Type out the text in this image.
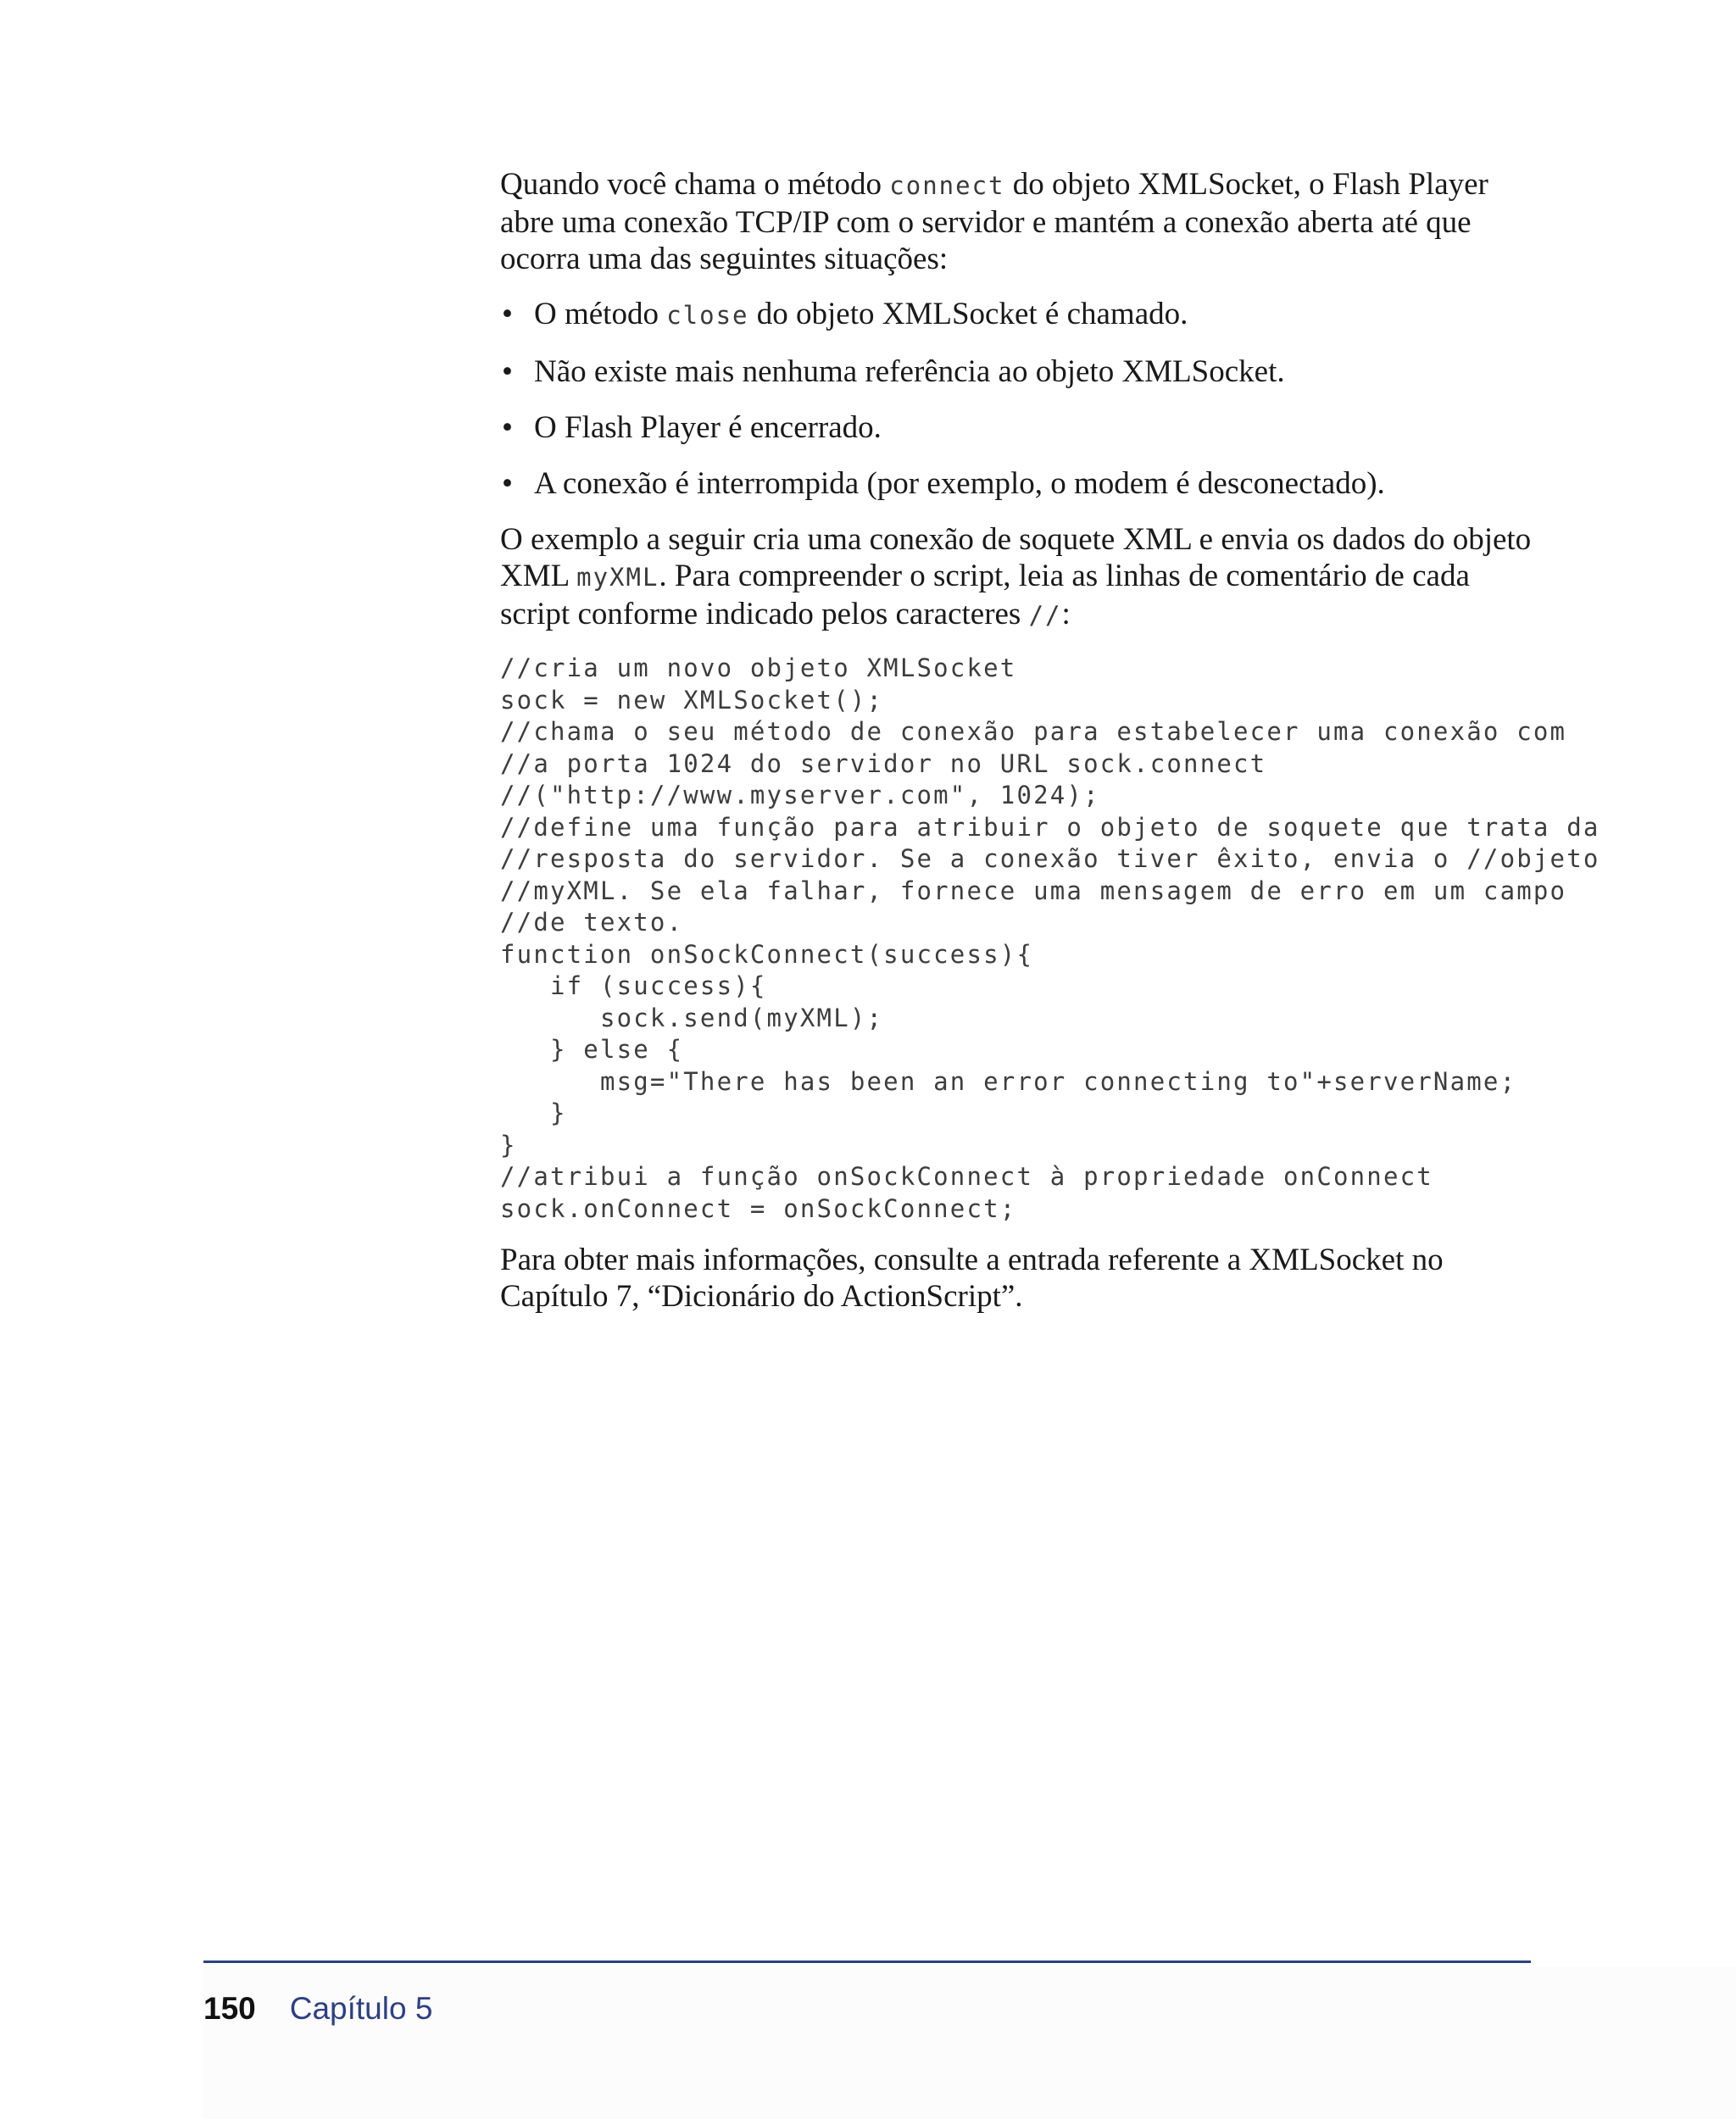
Quando você chama o método connect do objeto XMLSocket, o Flash Player abre uma conexão TCP/IP com o servidor e mantém a conexão aberta até que ocorra uma das seguintes situações:

• O método close do objeto XMLSocket é chamado.
• Não existe mais nenhuma referência ao objeto XMLSocket.
• O Flash Player é encerrado.
• A conexão é interrompida (por exemplo, o modem é desconectado).

O exemplo a seguir cria uma conexão de soquete XML e envia os dados do objeto XML myXML. Para compreender o script, leia as linhas de comentário de cada script conforme indicado pelos caracteres //:

//cria um novo objeto XMLSocket
sock = new XMLSocket();
//chama o seu método de conexão para estabelecer uma conexão com
//a porta 1024 do servidor no URL sock.connect
//("http://www.myserver.com", 1024);
//define uma função para atribuir o objeto de soquete que trata da
//resposta do servidor. Se a conexão tiver êxito, envia o //objeto
//myXML. Se ela falhar, fornece uma mensagem de erro em um campo
//de texto.
function onSockConnect(success){
if (success){
sock.send(myXML);
} else {
msg="There has been an error connecting to"+serverName;
}
}
//atribui a função onSockConnect à propriedade onConnect
sock.onConnect = onSockConnect;

Para obter mais informações, consulte a entrada referente a XMLSocket no Capítulo 7, “Dicionário do ActionScript”.

150 Capítulo 5
